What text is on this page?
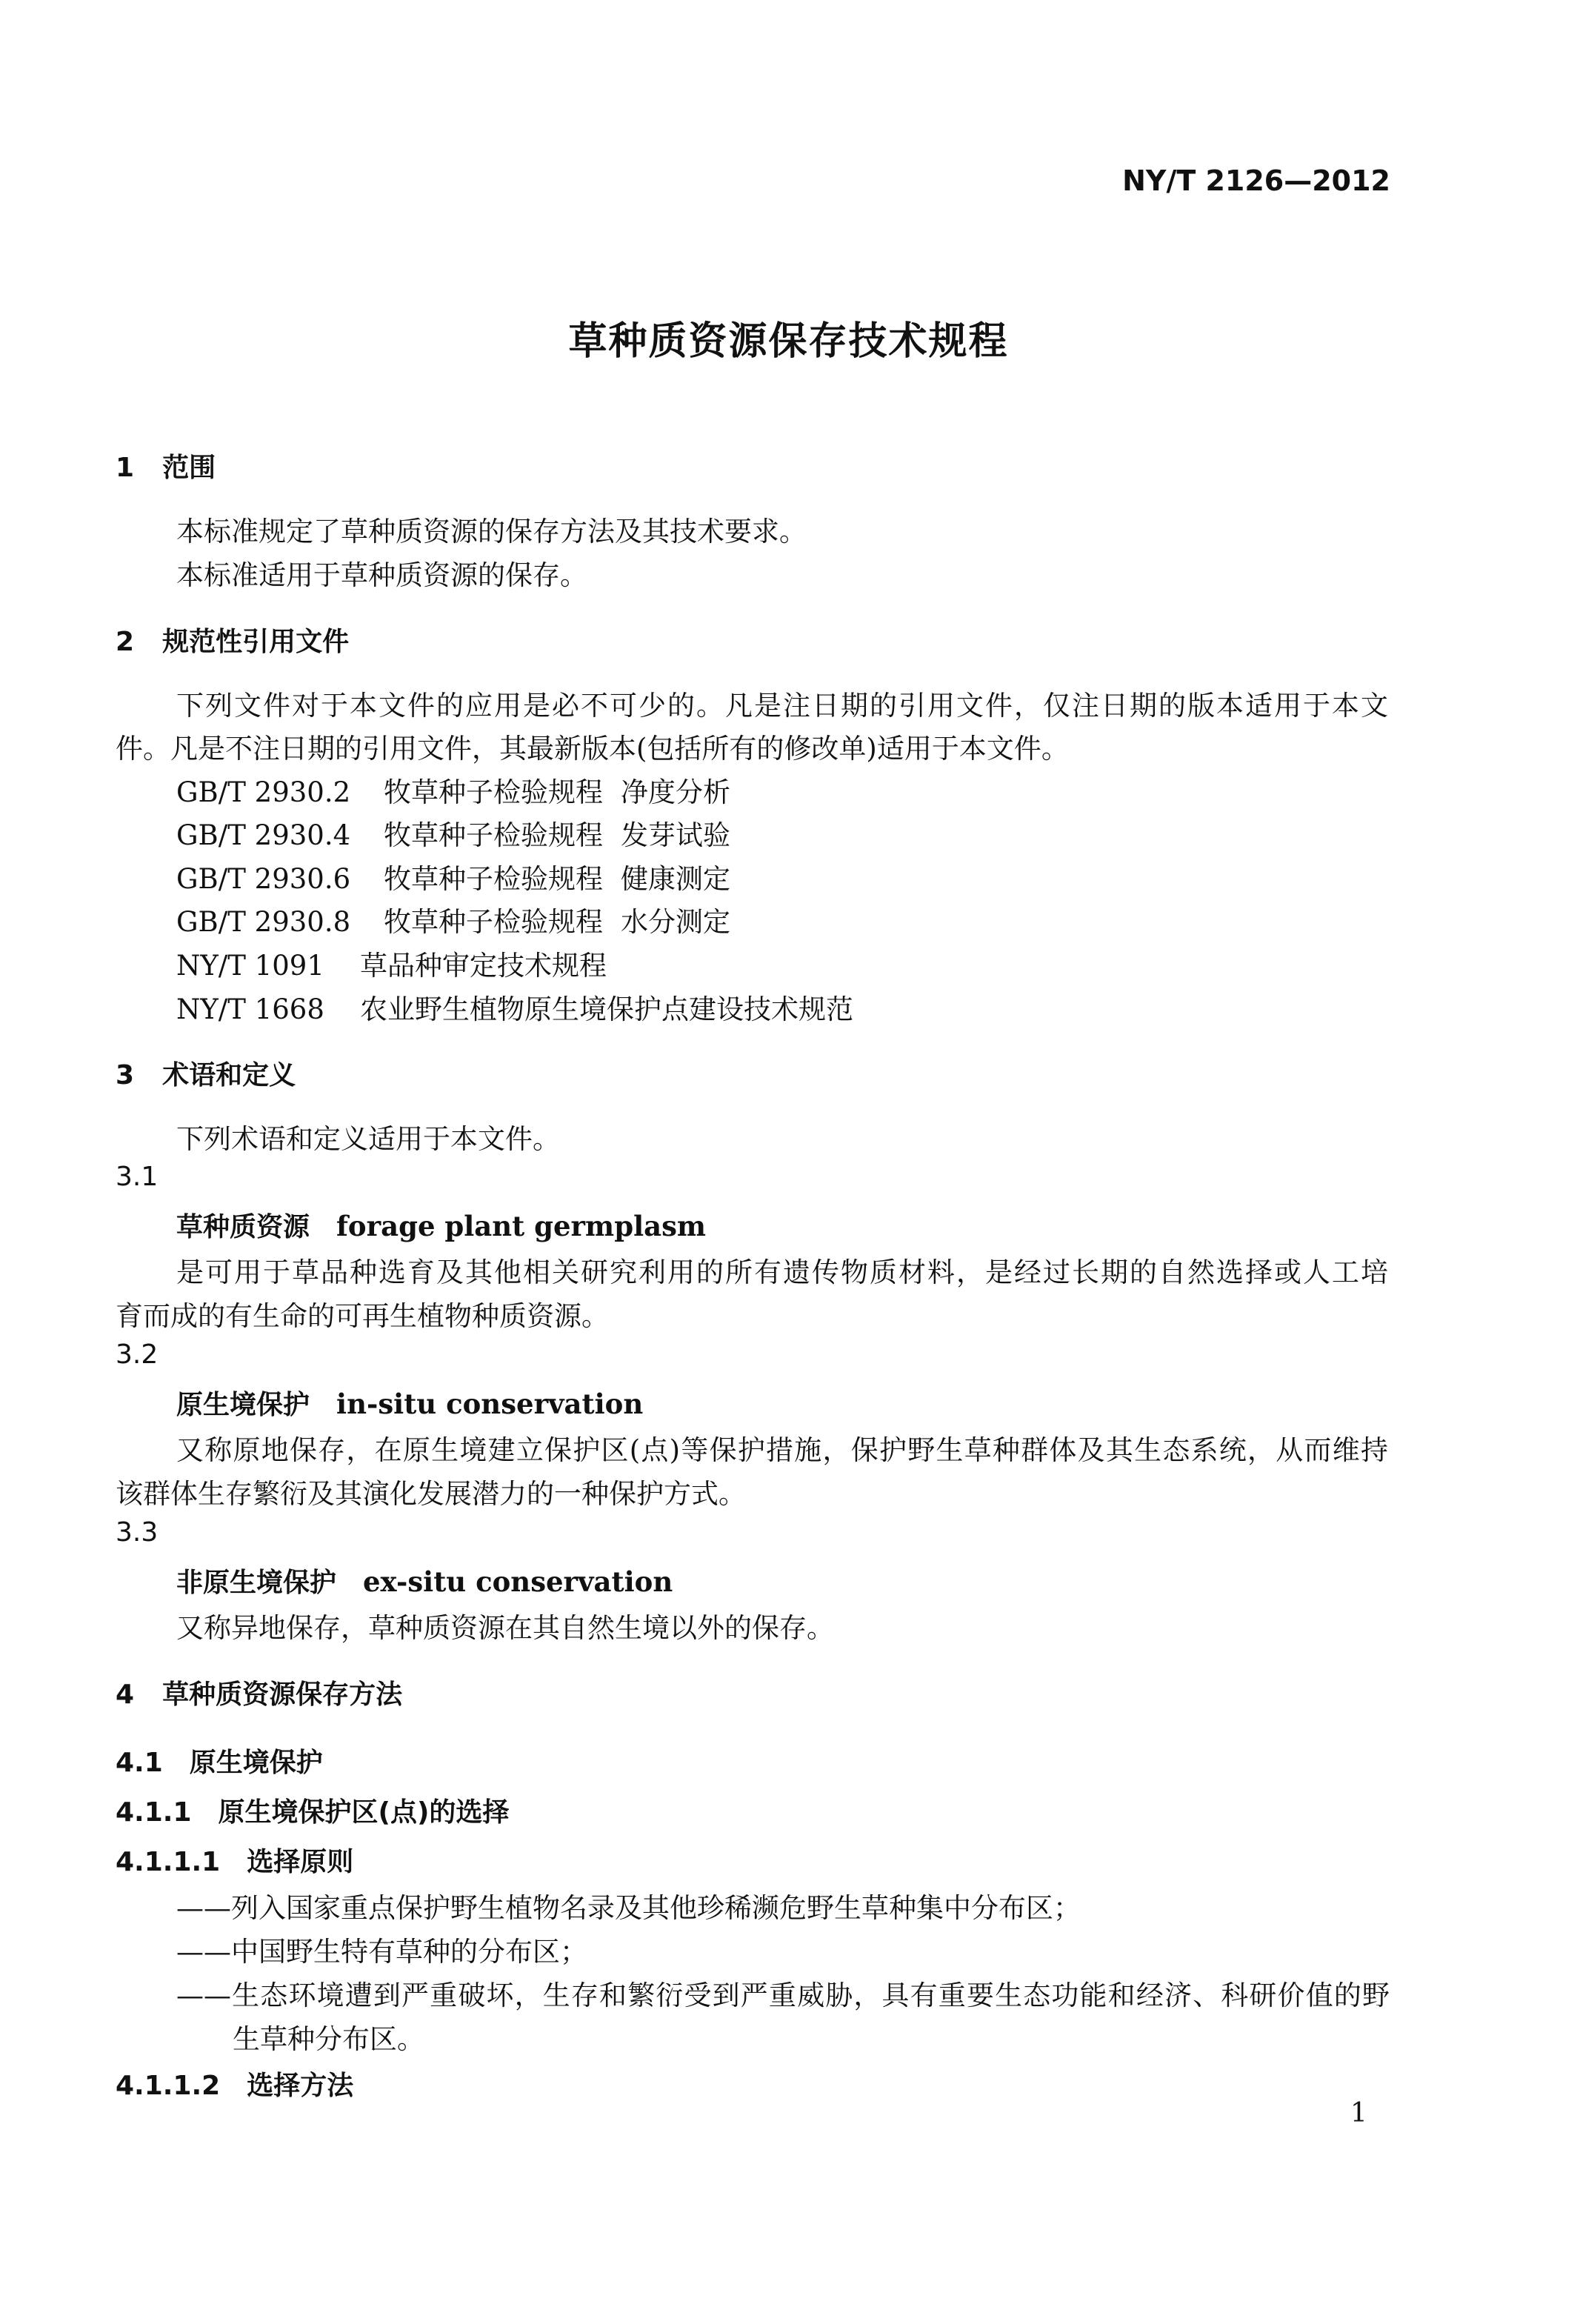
NY/T 2126—2012
草种质资源保存技术规程
1 范围
本标准规定了草种质资源的保存方法及其技术要求。
本标准适用于草种质资源的保存。
2 规范性引用文件
下列文件对于本文件的应用是必不可少的。凡是注日期的引用文件，仅注日期的版本适用于本文
件。凡是不注日期的引用文件，其最新版本(包括所有的修改单)适用于本文件。
GB/T 2930.2 牧草种子检验规程 净度分析
GB/T 2930.4 牧草种子检验规程 发芽试验
GB/T 2930.6 牧草种子检验规程 健康测定
GB/T 2930.8 牧草种子检验规程 水分测定
NY/T 1091 草品种审定技术规程
NY/T 1668 农业野生植物原生境保护点建设技术规范
3 术语和定义
下列术语和定义适用于本文件。
3.1
草种质资源 forage plant germplasm
是可用于草品种选育及其他相关研究利用的所有遗传物质材料，是经过长期的自然选择或人工培
育而成的有生命的可再生植物种质资源。
3.2
原生境保护 in-situ conservation
又称原地保存，在原生境建立保护区(点)等保护措施，保护野生草种群体及其生态系统，从而维持
该群体生存繁衍及其演化发展潜力的一种保护方式。
3.3
非原生境保护 ex-situ conservation
又称异地保存，草种质资源在其自然生境以外的保存。
4 草种质资源保存方法
4.1 原生境保护
4.1.1 原生境保护区(点)的选择
4.1.1.1 选择原则
——列入国家重点保护野生植物名录及其他珍稀濒危野生草种集中分布区；
——中国野生特有草种的分布区；
——生态环境遭到严重破坏，生存和繁衍受到严重威胁，具有重要生态功能和经济、科研价值的野
生草种分布区。
4.1.1.2 选择方法
1
